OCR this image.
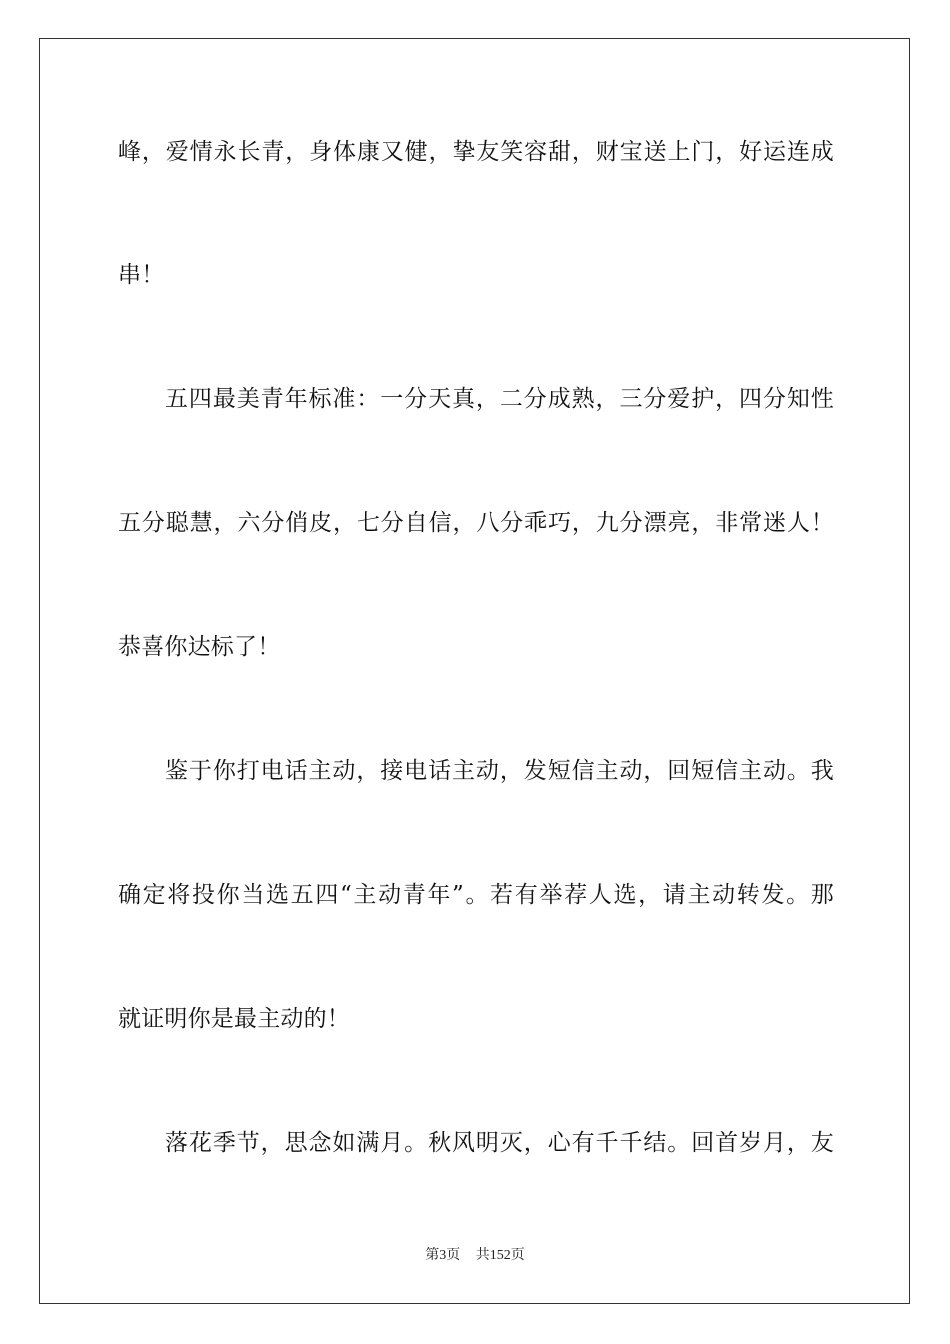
峰，爱情永长青，身体康又健，挚友笑容甜，财宝送上门，好运连成
串！
五四最美青年标准：一分天真，二分成熟，三分爱护，四分知性
五分聪慧，六分俏皮，七分自信，八分乖巧，九分漂亮，非常迷人！
恭喜你达标了！
鉴于你打电话主动，接电话主动，发短信主动，回短信主动。我
确定将投你当选五四“主动青年”。若有举荐人选，请主动转发。那
就证明你是最主动的！
落花季节，思念如满月。秋风明灭，心有千千结。回首岁月，友
第3页 共152页
